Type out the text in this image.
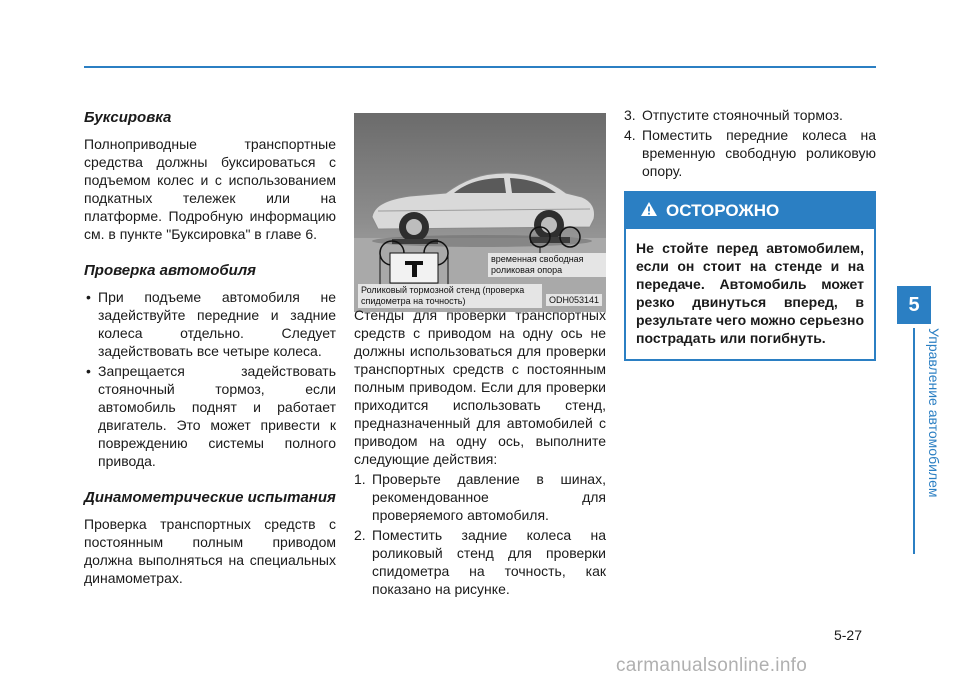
5
Управление автомобилем
Буксировка

Полноприводные транспортные средства должны буксироваться с подъемом колес и с использованием подкатных тележек или на платформе. Подробную информацию см. в пункте "Буксировка" в главе 6.

Проверка автомобиля
• При подъеме автомобиля не задействуйте передние и задние колеса отдельно. Следует задействовать все четыре колеса.
• Запрещается задействовать стояночный тормоз, если автомобиль поднят и работает двигатель. Это может привести к повреждению системы полного привода.
Динамометрические испытания

Проверка транспортных средств с постоянным полным приводом должна выполняться на специальных динамометрах.

временная свободная роликовая опора
Роликовый тормозной стенд (проверка спидометра на точность)	ODH053141

Стенды для проверки транспортных средств с приводом на одну ось не должны использоваться для проверки транспортных средств с постоянным полным приводом. Если для проверки приходится использовать стенд, предназначенный для автомобилей с приводом на одну ось, выполните следующие действия:

1. Проверьте давление в шинах, рекомендованное для проверяемого автомобиля.
2. Поместить задние колеса на роликовый стенд для проверки спидометра на точность, как показано на рисунке.
3. Отпустите стояночный тормоз.
4. Поместить передние колеса на временную свободную роликовую опору.
ОСТОРОЖНО
Не стойте перед автомобилем, если он стоит на стенде и на передаче. Автомобиль может резко двинуться вперед, в результате чего можно серьезно пострадать или погибнуть.
5-27
carmanualsonline.info
